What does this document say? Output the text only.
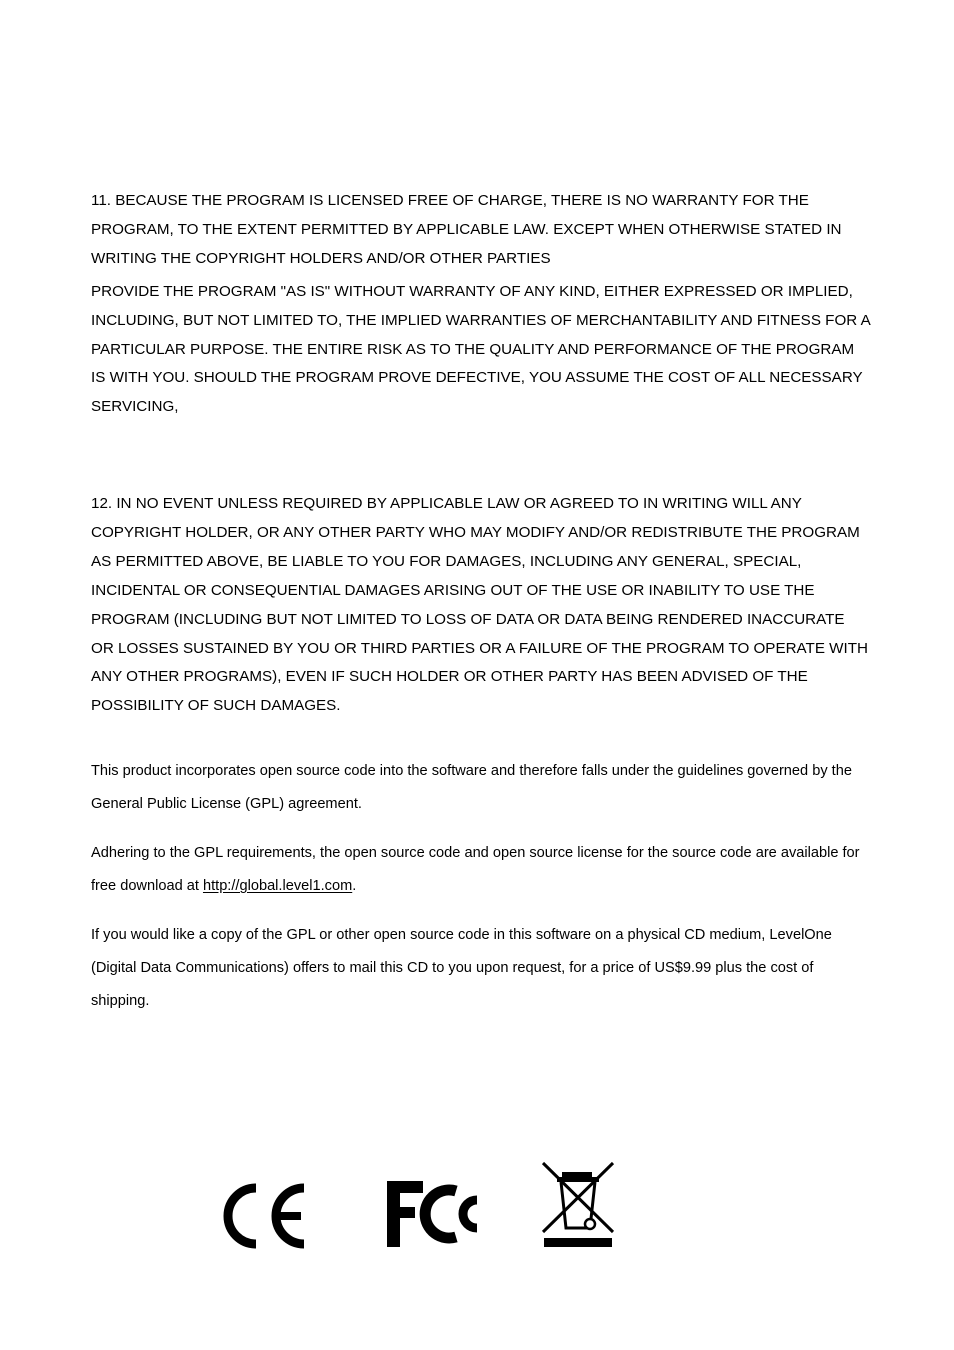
11. BECAUSE THE PROGRAM IS LICENSED FREE OF CHARGE, THERE IS NO WARRANTY FOR THE PROGRAM, TO THE EXTENT PERMITTED BY APPLICABLE LAW. EXCEPT WHEN OTHERWISE STATED IN WRITING THE COPYRIGHT HOLDERS AND/OR OTHER PARTIES

PROVIDE THE PROGRAM "AS IS" WITHOUT WARRANTY OF ANY KIND, EITHER EXPRESSED OR IMPLIED, INCLUDING, BUT NOT LIMITED TO, THE IMPLIED WARRANTIES OF MERCHANTABILITY AND FITNESS FOR A PARTICULAR PURPOSE. THE ENTIRE RISK AS TO THE QUALITY AND PERFORMANCE OF THE PROGRAM IS WITH YOU. SHOULD THE PROGRAM PROVE DEFECTIVE, YOU ASSUME THE COST OF ALL NECESSARY SERVICING,

12. IN NO EVENT UNLESS REQUIRED BY APPLICABLE LAW OR AGREED TO IN WRITING WILL ANY COPYRIGHT HOLDER, OR ANY OTHER PARTY WHO MAY MODIFY AND/OR REDISTRIBUTE THE PROGRAM AS PERMITTED ABOVE, BE LIABLE TO YOU FOR DAMAGES, INCLUDING ANY GENERAL, SPECIAL, INCIDENTAL OR CONSEQUENTIAL DAMAGES ARISING OUT OF THE USE OR INABILITY TO USE THE PROGRAM (INCLUDING BUT NOT LIMITED TO LOSS OF DATA OR DATA BEING RENDERED INACCURATE OR LOSSES SUSTAINED BY YOU OR THIRD PARTIES OR A FAILURE OF THE PROGRAM TO OPERATE WITH ANY OTHER PROGRAMS), EVEN IF SUCH HOLDER OR OTHER PARTY HAS BEEN ADVISED OF THE POSSIBILITY OF SUCH DAMAGES.

This product incorporates open source code into the software and therefore falls under the guidelines governed by the General Public License (GPL) agreement.

Adhering to the GPL requirements, the open source code and open source license for the source code are available for free download at http://global.level1.com.

If you would like a copy of the GPL or other open source code in this software on a physical CD medium, LevelOne (Digital Data Communications) offers to mail this CD to you upon request, for a price of US$9.99 plus the cost of shipping.
